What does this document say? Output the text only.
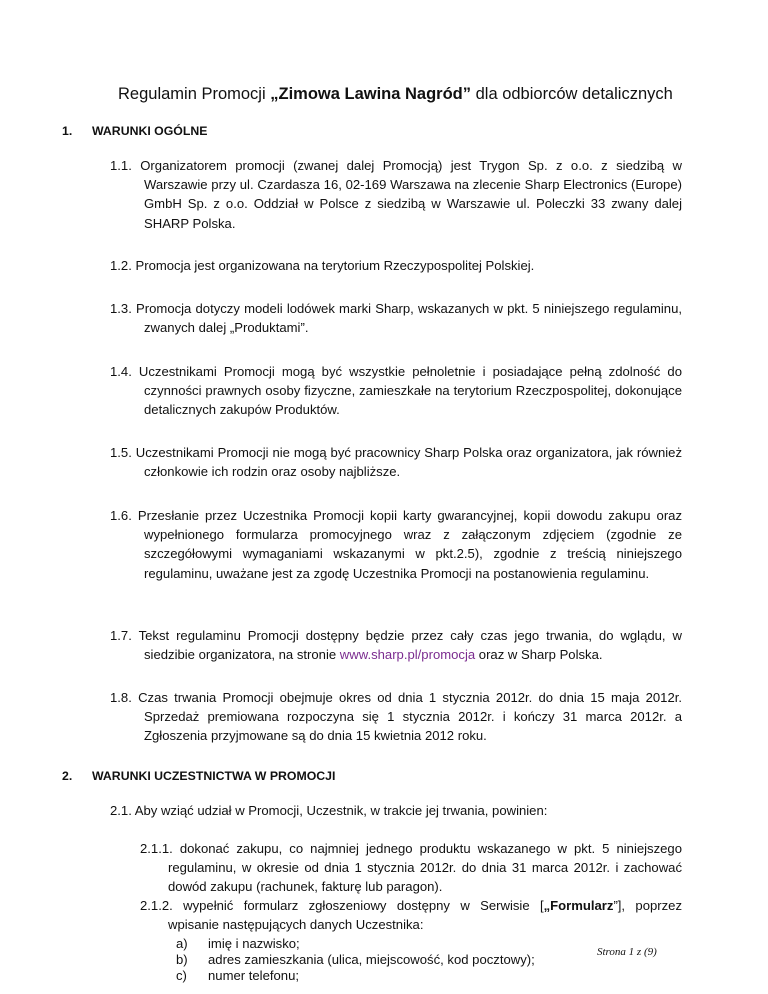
Regulamin Promocji „Zimowa Lawina Nagród” dla odbiorców detalicznych
1. WARUNKI OGÓLNE
1.1. Organizatorem promocji (zwanej dalej Promocją) jest Trygon Sp. z o.o. z siedzibą w Warszawie przy ul. Czardasza 16, 02-169 Warszawa na zlecenie Sharp Electronics (Europe) GmbH Sp. z o.o. Oddział w Polsce z siedzibą w Warszawie ul. Poleczki 33 zwany dalej SHARP Polska.
1.2. Promocja jest organizowana na terytorium Rzeczypospolitej Polskiej.
1.3. Promocja dotyczy modeli lodówek marki Sharp, wskazanych w pkt. 5 niniejszego regulaminu, zwanych dalej „Produktami”.
1.4. Uczestnikami Promocji mogą być wszystkie pełnoletnie i posiadające pełną zdolność do czynności prawnych osoby fizyczne, zamieszkałe na terytorium Rzeczpospolitej, dokonujące detalicznych zakupów Produktów.
1.5. Uczestnikami Promocji nie mogą być pracownicy Sharp Polska oraz organizatora, jak również członkowie ich rodzin oraz osoby najbliższe.
1.6. Przesłanie przez Uczestnika Promocji kopii karty gwarancyjnej, kopii dowodu zakupu oraz wypełnionego formularza promocyjnego wraz z załączonym zdjęciem (zgodnie ze szczegółowymi wymaganiami wskazanymi w pkt.2.5), zgodnie z treścią niniejszego regulaminu, uważane jest za zgodę Uczestnika Promocji na postanowienia regulaminu.
1.7. Tekst regulaminu Promocji dostępny będzie przez cały czas jego trwania, do wglądu, w siedzibie organizatora, na stronie www.sharp.pl/promocja oraz w Sharp Polska.
1.8. Czas trwania Promocji obejmuje okres od dnia 1 stycznia 2012r. do dnia 15 maja 2012r. Sprzedaż premiowana rozpoczyna się 1 stycznia 2012r. i kończy 31 marca 2012r. a Zgłoszenia przyjmowane są do dnia 15 kwietnia 2012 roku.
2. WARUNKI UCZESTNICTWA W PROMOCJI
2.1. Aby wziąć udział w Promocji, Uczestnik, w trakcie jej trwania, powinien:
2.1.1. dokonać zakupu, co najmniej jednego produktu wskazanego w pkt. 5 niniejszego regulaminu, w okresie od dnia 1 stycznia 2012r. do dnia 31 marca 2012r. i zachować dowód zakupu (rachunek, fakturę lub paragon).
2.1.2. wypełnić formularz zgłoszeniowy dostępny w Serwisie [„Formularz”], poprzez wpisanie następujących danych Uczestnika:
a) imię i nazwisko;
b) adres zamieszkania (ulica, miejscowość, kod pocztowy);
c) numer telefonu;
Strona 1 z (9)
